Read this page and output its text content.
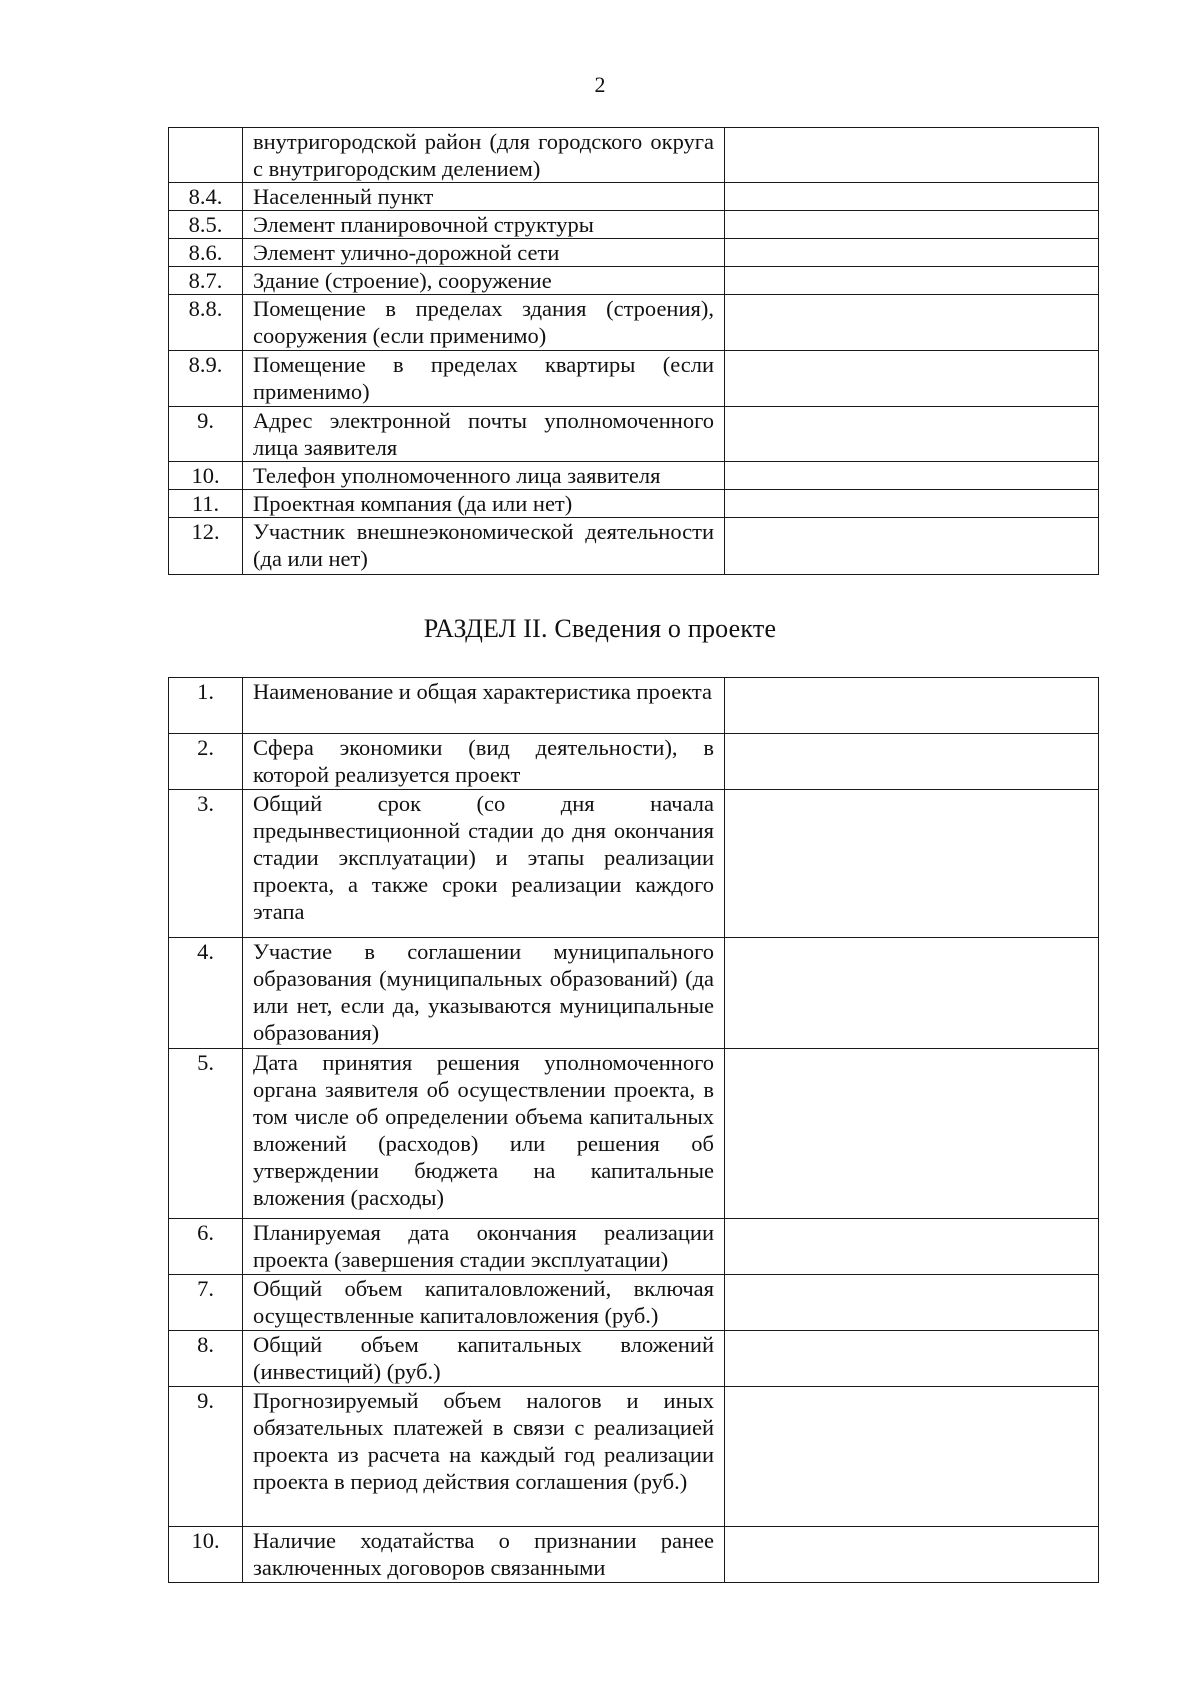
2
	внутригородской район (для городского округа с внутригородским делением)	
8.4.	Населенный пункт	
8.5.	Элемент планировочной структуры	
8.6.	Элемент улично-дорожной сети	
8.7.	Здание (строение), сооружение	
8.8.	Помещение в пределах здания (строения), сооружения (если применимо)	
8.9.	Помещение в пределах квартиры (если применимо)	
9.	Адрес электронной почты уполномоченного лица заявителя	
10.	Телефон уполномоченного лица заявителя	
11.	Проектная компания (да или нет)	
12.	Участник внешнеэкономической деятельности (да или нет)	
РАЗДЕЛ II. Сведения о проекте
1.	Наименование и общая характеристика проекта	
2.	Сфера экономики (вид деятельности), в которой реализуется проект	
3.	Общий срок (со дня начала предынвестиционной стадии до дня окончания стадии эксплуатации) и этапы реализации проекта, а также сроки реализации каждого этапа	
4.	Участие в соглашении муниципального образования (муниципальных образований) (да или нет, если да, указываются муниципальные образования)	
5.	Дата принятия решения уполномоченного органа заявителя об осуществлении проекта, в том числе об определении объема капитальных вложений (расходов) или решения об утверждении бюджета на капитальные вложения (расходы)	
6.	Планируемая дата окончания реализации проекта (завершения стадии эксплуатации)	
7.	Общий объем капиталовложений, включая осуществленные капиталовложения (руб.)	
8.	Общий объем капитальных вложений (инвестиций) (руб.)	
9.	Прогнозируемый объем налогов и иных обязательных платежей в связи с реализацией проекта из расчета на каждый год реализации проекта в период действия соглашения (руб.)	
10.	Наличие ходатайства о признании ранее заключенных договоров связанными	
